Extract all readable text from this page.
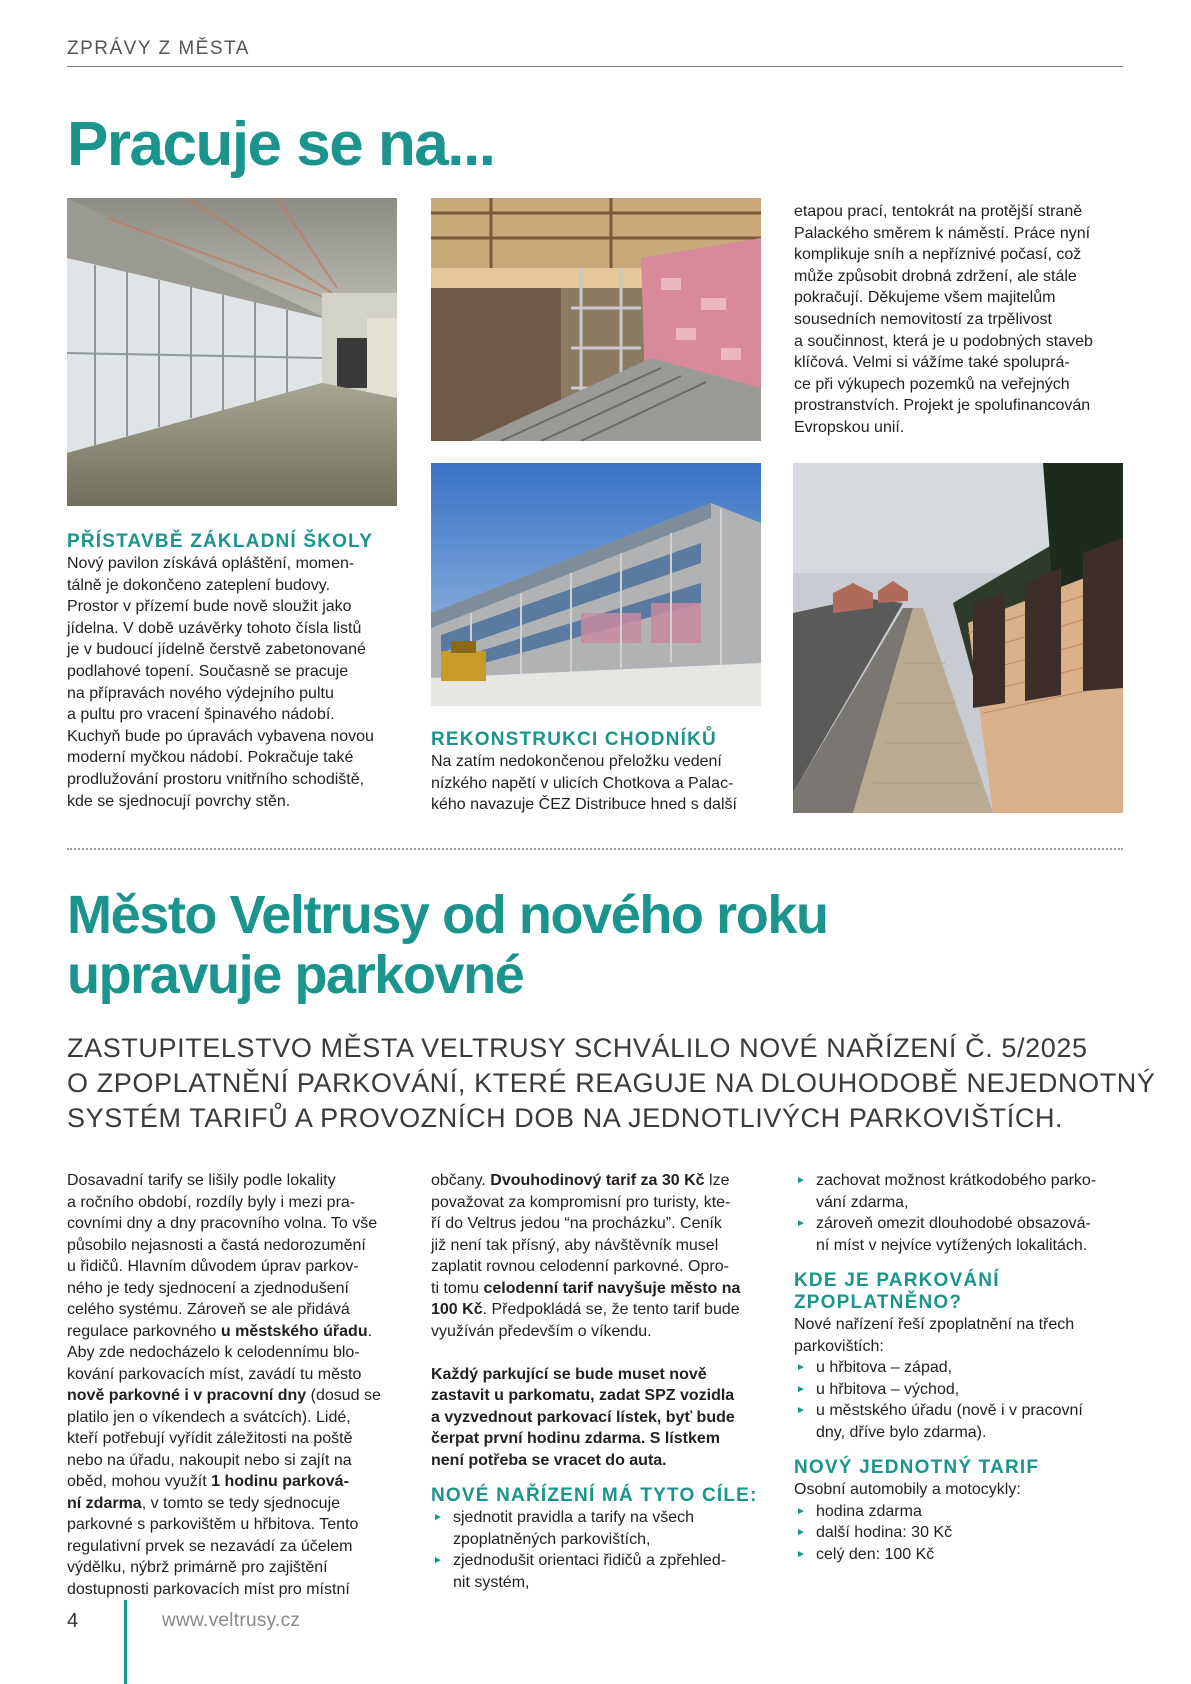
ZPRÁVY Z MĚSTA
Pracuje se na...
PŘÍSTAVBĚ ZÁKLADNÍ ŠKOLY
Nový pavilon získává opláštění, momen-
tálně je dokončeno zateplení budovy.
Prostor v přízemí bude nově sloužit jako
jídelna. V době uzávěrky tohoto čísla listů
je v budoucí jídelně čerstvě zabetonované
podlahové topení. Současně se pracuje
na přípravách nového výdejního pultu
a pultu pro vracení špinavého nádobí.
Kuchyň bude po úpravách vybavena novou
moderní myčkou nádobí. Pokračuje také
prodlužování prostoru vnitřního schodiště,
kde se sjednocují povrchy stěn.
REKONSTRUKCI CHODNÍKŮ
Na zatím nedokončenou přeložku vedení
nízkého napětí v ulicích Chotkova a Palac-
kého navazuje ČEZ Distribuce hned s další
etapou prací, tentokrát na protější straně
Palackého směrem k náměstí. Práce nyní
komplikuje sníh a nepříznivé počasí, což
může způsobit drobná zdržení, ale stále
pokračují. Děkujeme všem majitelům
sousedních nemovitostí za trpělivost
a součinnost, která je u podobných staveb
klíčová. Velmi si vážíme také spoluprá-
ce při výkupech pozemků na veřejných
prostranstvích. Projekt je spolufinancován
Evropskou unií.
Město Veltrusy od nového roku
upravuje parkovné
ZASTUPITELSTVO MĚSTA VELTRUSY SCHVÁLILO NOVÉ NAŘÍZENÍ Č. 5/2025
O ZPOPLATNĚNÍ PARKOVÁNÍ, KTERÉ REAGUJE NA DLOUHODOBĚ NEJEDNOTNÝ
SYSTÉM TARIFŮ A PROVOZNÍCH DOB NA JEDNOTLIVÝCH PARKOVIŠTÍCH.
Dosavadní tarify se lišily podle lokality
a ročního období, rozdíly byly i mezi pra-
covními dny a dny pracovního volna. To vše
působilo nejasnosti a častá nedorozumění
u řidičů. Hlavním důvodem úprav parkov-
ného je tedy sjednocení a zjednodušení
celého systému. Zároveň se ale přidává
regulace parkovného u městského úřadu.
Aby zde nedocházelo k celodennímu blo-
kování parkovacích míst, zavádí tu město
nově parkovné i v pracovní dny (dosud se
platilo jen o víkendech a svátcích). Lidé,
kteří potřebují vyřídit záležitosti na poště
nebo na úřadu, nakoupit nebo si zajít na
oběd, mohou využít 1 hodinu parková-
ní zdarma, v tomto se tedy sjednocuje
parkovné s parkovištěm u hřbitova. Tento
regulativní prvek se nezavádí za účelem
výdělku, nýbrž primárně pro zajištění
dostupnosti parkovacích míst pro místní
občany. Dvouhodinový tarif za 30 Kč lze
považovat za kompromisní pro turisty, kte-
ří do Veltrus jedou “na procházku”. Ceník
již není tak přísný, aby návštěvník musel
zaplatit rovnou celodenní parkovné. Opro-
ti tomu celodenní tarif navyšuje město na
100 Kč. Předpokládá se, že tento tarif bude
využíván především o víkendu.
Každý parkující se bude muset nově
zastavit u parkomatu, zadat SPZ vozidla
a vyzvednout parkovací lístek, byť bude
čerpat první hodinu zdarma. S lístkem
není potřeba se vracet do auta.
NOVÉ NAŘÍZENÍ MÁ TYTO CÍLE:
► sjednotit pravidla a tarify na všech
zpoplatněných parkovištích,
► zjednodušit orientaci řidičů a zpřehled-
nit systém,
► zachovat možnost krátkodobého parko-
vání zdarma,
► zároveň omezit dlouhodobé obsazová-
ní míst v nejvíce vytížených lokalitách.
KDE JE PARKOVÁNÍ
ZPOPLATNĚNO?
Nové nařízení řeší zpoplatnění na třech
parkovištích:
► u hřbitova – západ,
► u hřbitova – východ,
► u městského úřadu (nově i v pracovní
dny, dříve bylo zdarma).
NOVÝ JEDNOTNÝ TARIF
Osobní automobily a motocykly:
► hodina zdarma
► další hodina: 30 Kč
► celý den: 100 Kč
4	www.veltrusy.cz
